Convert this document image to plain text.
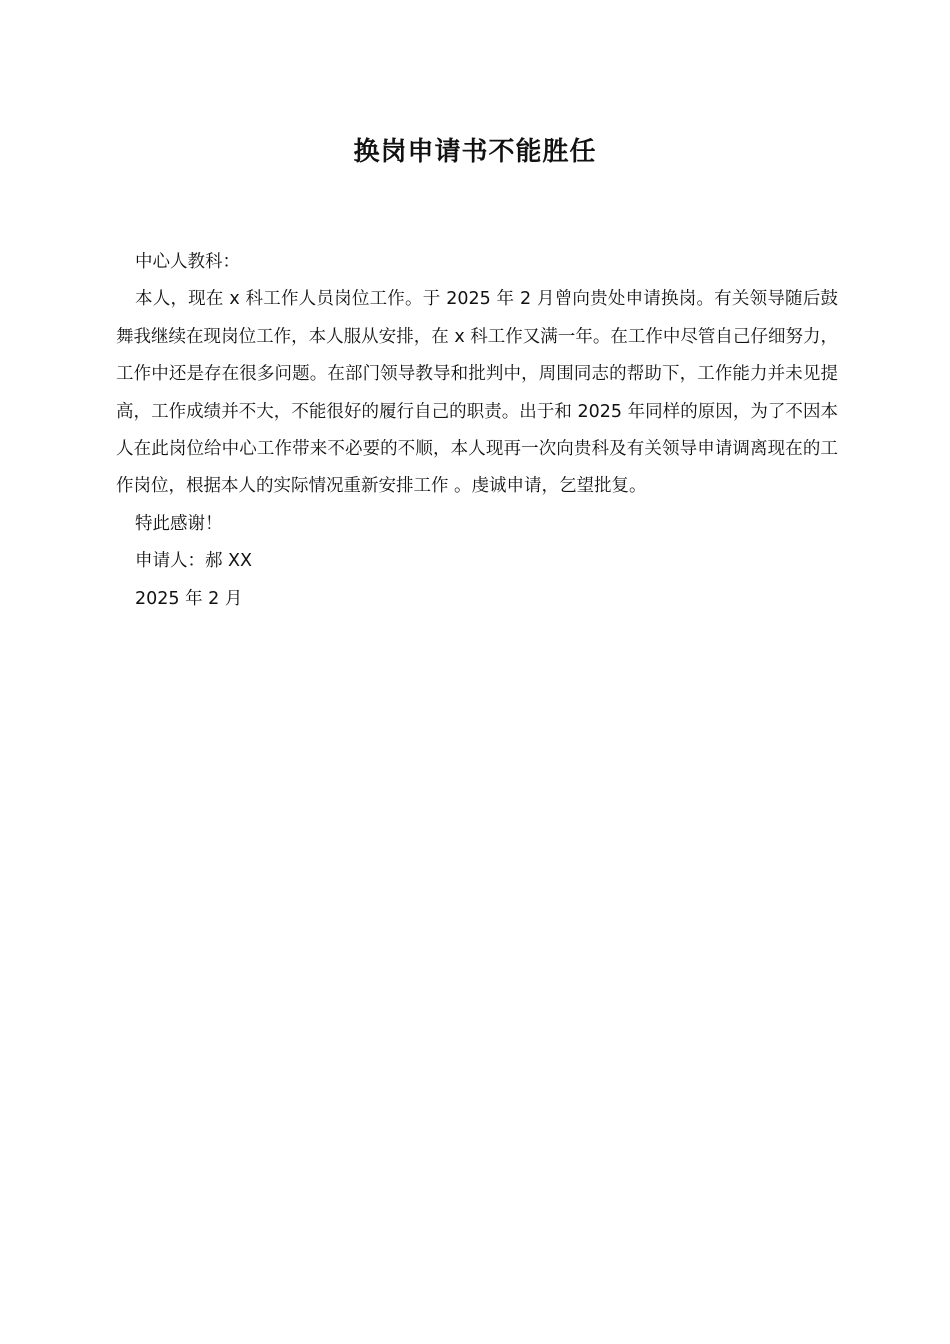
换岗申请书不能胜任

中心人教科：

本人，现在 x 科工作人员岗位工作。于 2025 年 2 月曾向贵处申请换岗。有关领导随后鼓舞我继续在现岗位工作，本人服从安排，在 x 科工作又满一年。在工作中尽管自己仔细努力，工作中还是存在很多问题。在部门领导教导和批判中，周围同志的帮助下，工作能力并未见提高，工作成绩并不大，不能很好的履行自己的职责。出于和 2025 年同样的原因，为了不因本人在此岗位给中心工作带来不必要的不顺，本人现再一次向贵科及有关领导申请调离现在的工作岗位，根据本人的实际情况重新安排工作 。虔诚申请，乞望批复。

特此感谢！

申请人：郝 XX

2025 年 2 月
